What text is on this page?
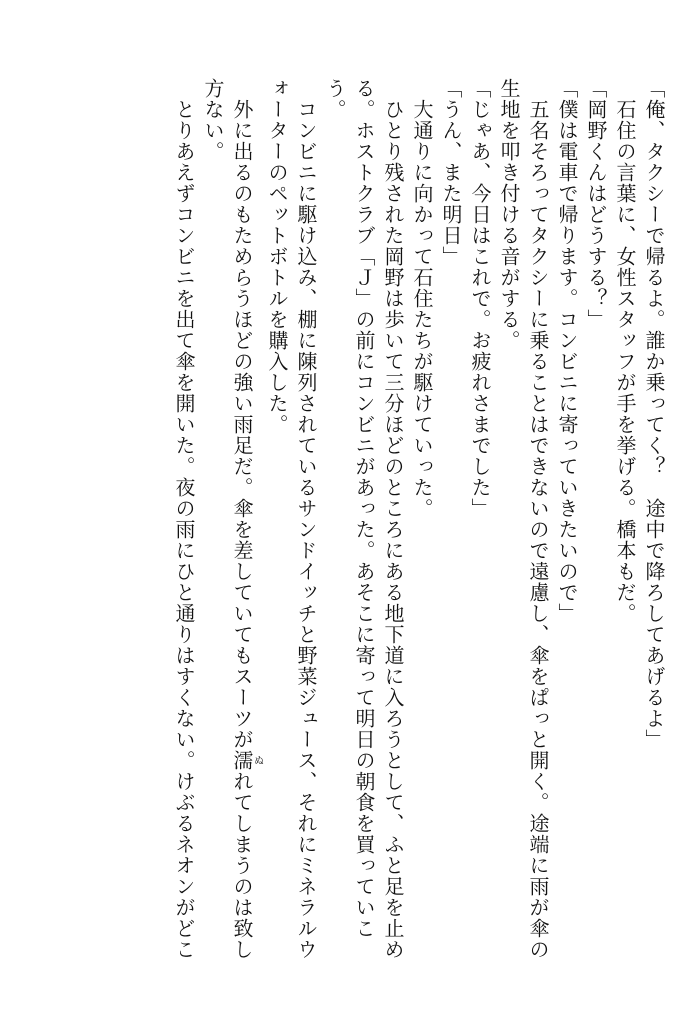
「俺、タクシーで帰るよ。誰か乗ってく？　途中で降ろしてあげるよ」
　石住の言葉に、女性スタッフが手を挙げる。橋本もだ。
「岡野くんはどうする？」
「僕は電車で帰ります。コンビニに寄っていきたいので」
　五名そろってタクシーに乗ることはできないので遠慮し、傘をぱっと開く。途端に雨が傘の
生地を叩き付ける音がする。
「じゃあ、今日はこれで。お疲れさまでした」
「うん、また明日」
　大通りに向かって石住たちが駆けていった。
　ひとり残された岡野は歩いて三分ほどのところにある地下道に入ろうとして、ふと足を止め
る。ホストクラブ「Ｊ」の前にコンビニがあった。あそこに寄って明日の朝食を買っていこ
う。
　コンビニに駆け込み、棚に陳列されているサンドイッチと野菜ジュース、それにミネラルウ
ォーターのペットボトルを購入した。
　外に出るのもためらうほどの強い雨足だ。傘を差していてもスーツが濡ぬれてしまうのは致し
方ない。
　とりあえずコンビニを出て傘を開いた。夜の雨にひと通りはすくない。けぶるネオンがどこ
